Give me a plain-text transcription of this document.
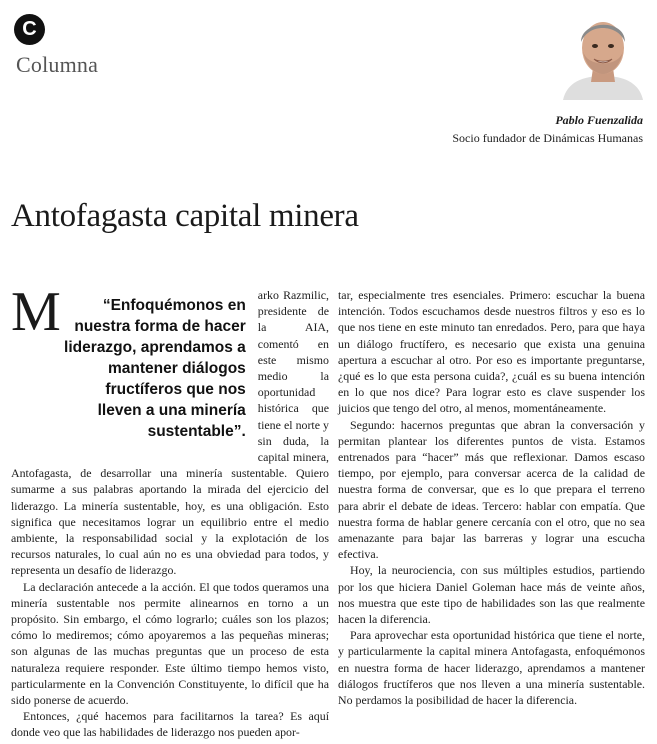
C
Columna
Pablo Fuenzalida
Socio fundador de Dinámicas Humanas
Antofagasta capital minera

M	“Enfoquémonos en nuestra forma de hacer liderazgo, aprendamos a mantener diálogos fructíferos que nos lleven a una minería sustentable”.
arko Razmilic, presidente de la AIA, comentó en este mismo medio la oportunidad histórica que tiene el norte y sin duda, la capital minera, Antofagasta, de desarrollar una minería sustentable. Quiero sumarme a sus palabras aportando la mirada del ejercicio del liderazgo. La minería sustentable, hoy, es una obligación. Esto significa que necesitamos lograr un equilibrio entre el medio ambiente, la responsabilidad social y la explotación de los recursos naturales, lo cual aún no es una obviedad para todos, y representa un desafío de liderazgo.

La declaración antecede a la acción. El que todos queramos una minería sustentable nos permite alinearnos en torno a un propósito. Sin embargo, el cómo lograrlo; cuáles son los plazos; cómo lo mediremos; cómo apoyaremos a las pequeñas mineras; son algunas de las muchas preguntas que un proceso de esta naturaleza requiere responder. Este último tiempo hemos visto, particularmente en la Convención Constituyente, lo difícil que ha sido ponerse de acuerdo.

Entonces, ¿qué hacemos para facilitarnos la tarea? Es aquí donde veo que las habilidades de liderazgo nos pueden apor-

tar, especialmente tres esenciales. Primero: escuchar la buena intención. Todos escuchamos desde nuestros filtros y eso es lo que nos tiene en este minuto tan enredados. Pero, para que haya un diálogo fructífero, es necesario que exista una genuina apertura a escuchar al otro. Por eso es importante preguntarse, ¿qué es lo que esta persona cuida?, ¿cuál es su buena intención en lo que nos dice? Para lograr esto es clave suspender los juicios que tengo del otro, al menos, momentáneamente.

Segundo: hacernos preguntas que abran la conversación y permitan plantear los diferentes puntos de vista. Estamos entrenados para “hacer” más que reflexionar. Damos escaso tiempo, por ejemplo, para conversar acerca de la calidad de nuestra forma de conversar, que es lo que prepara el terreno para abrir el debate de ideas. Tercero: hablar con empatía. Que nuestra forma de hablar genere cercanía con el otro, que no sea amenazante para bajar las barreras y lograr una escucha efectiva.

Hoy, la neurociencia, con sus múltiples estudios, partiendo por los que hiciera Daniel Goleman hace más de veinte años, nos muestra que este tipo de habilidades son las que realmente hacen la diferencia.

Para aprovechar esta oportunidad histórica que tiene el norte, y particularmente la capital minera Antofagasta, enfoquémonos en nuestra forma de hacer liderazgo, aprendamos a mantener diálogos fructíferos que nos lleven a una minería sustentable. No perdamos la posibilidad de hacer la diferencia.
